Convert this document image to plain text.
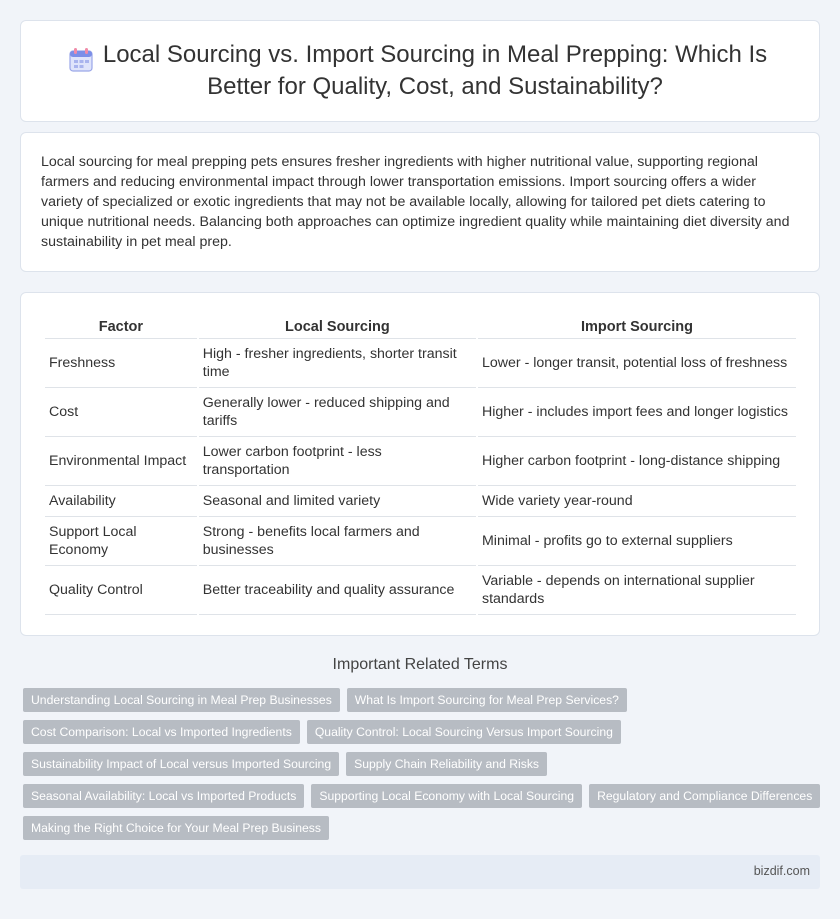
Local Sourcing vs. Import Sourcing in Meal Prepping: Which Is Better for Quality, Cost, and Sustainability?

Local sourcing for meal prepping pets ensures fresher ingredients with higher nutritional value, supporting regional farmers and reducing environmental impact through lower transportation emissions. Import sourcing offers a wider variety of specialized or exotic ingredients that may not be available locally, allowing for tailored pet diets catering to unique nutritional needs. Balancing both approaches can optimize ingredient quality while maintaining diet diversity and sustainability in pet meal prep.

Factor	Local Sourcing	Import Sourcing
Freshness	High - fresher ingredients, shorter transit time	Lower - longer transit, potential loss of freshness
Cost	Generally lower - reduced shipping and tariffs	Higher - includes import fees and longer logistics
Environmental Impact	Lower carbon footprint - less transportation	Higher carbon footprint - long-distance shipping
Availability	Seasonal and limited variety	Wide variety year-round
Support Local Economy	Strong - benefits local farmers and businesses	Minimal - profits go to external suppliers
Quality Control	Better traceability and quality assurance	Variable - depends on international supplier standards
Important Related Terms
Understanding Local Sourcing in Meal Prep Businesses	What Is Import Sourcing for Meal Prep Services?
Cost Comparison: Local vs Imported Ingredients	Quality Control: Local Sourcing Versus Import Sourcing
Sustainability Impact of Local versus Imported Sourcing	Supply Chain Reliability and Risks
Seasonal Availability: Local vs Imported Products	Supporting Local Economy with Local Sourcing	Regulatory and Compliance Differences
Making the Right Choice for Your Meal Prep Business
bizdif.com
